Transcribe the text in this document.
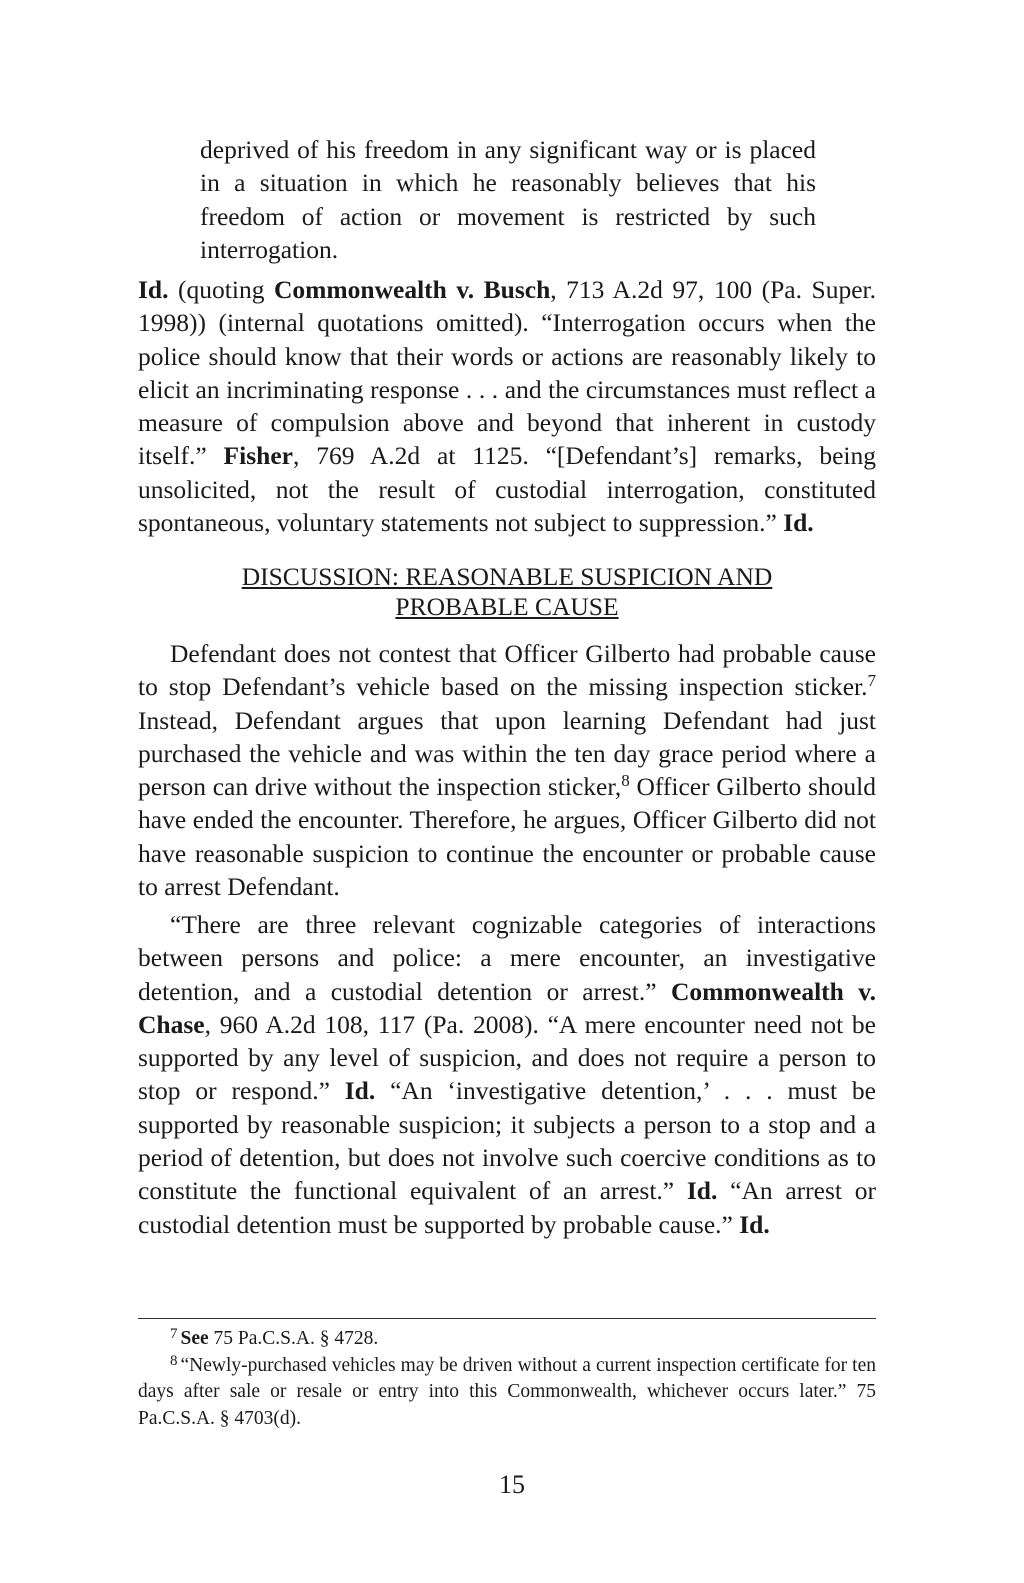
deprived of his freedom in any significant way or is placed in a situation in which he reasonably believes that his freedom of action or movement is restricted by such interrogation.

Id. (quoting Commonwealth v. Busch, 713 A.2d 97, 100 (Pa. Super. 1998)) (internal quotations omitted). “Interrogation occurs when the police should know that their words or actions are reasonably likely to elicit an incriminating response . . . and the circumstances must reflect a measure of compulsion above and beyond that inherent in custody itself.” Fisher, 769 A.2d at 1125. “[Defendant’s] remarks, being unsolicited, not the result of custodial interrogation, constituted spontaneous, voluntary statements not subject to suppression.” Id.

DISCUSSION: REASONABLE SUSPICION AND
PROBABLE CAUSE

Defendant does not contest that Officer Gilberto had probable cause to stop Defendant’s vehicle based on the missing inspection sticker.$^7$ Instead, Defendant argues that upon learning Defendant had just purchased the vehicle and was within the ten day grace period where a person can drive without the inspection sticker,$^8$ Officer Gilberto should have ended the encounter. Therefore, he argues, Officer Gilberto did not have reasonable suspicion to continue the encounter or probable cause to arrest Defendant.

“There are three relevant cognizable categories of interactions between persons and police: a mere encounter, an investigative detention, and a custodial detention or arrest.” Commonwealth v. Chase, 960 A.2d 108, 117 (Pa. 2008). “A mere encounter need not be supported by any level of suspicion, and does not require a person to stop or respond.” Id. “An ‘investigative detention,’ . . . must be supported by reasonable suspicion; it subjects a person to a stop and a period of detention, but does not involve such coercive conditions as to constitute the functional equivalent of an arrest.” Id. “An arrest or custodial detention must be supported by probable cause.” Id.

$^7$ See 75 Pa.C.S.A. § 4728.

$^8$ “Newly-purchased vehicles may be driven without a current inspection certificate for ten days after sale or resale or entry into this Commonwealth, whichever occurs later.” 75 Pa.C.S.A. § 4703(d).

15
